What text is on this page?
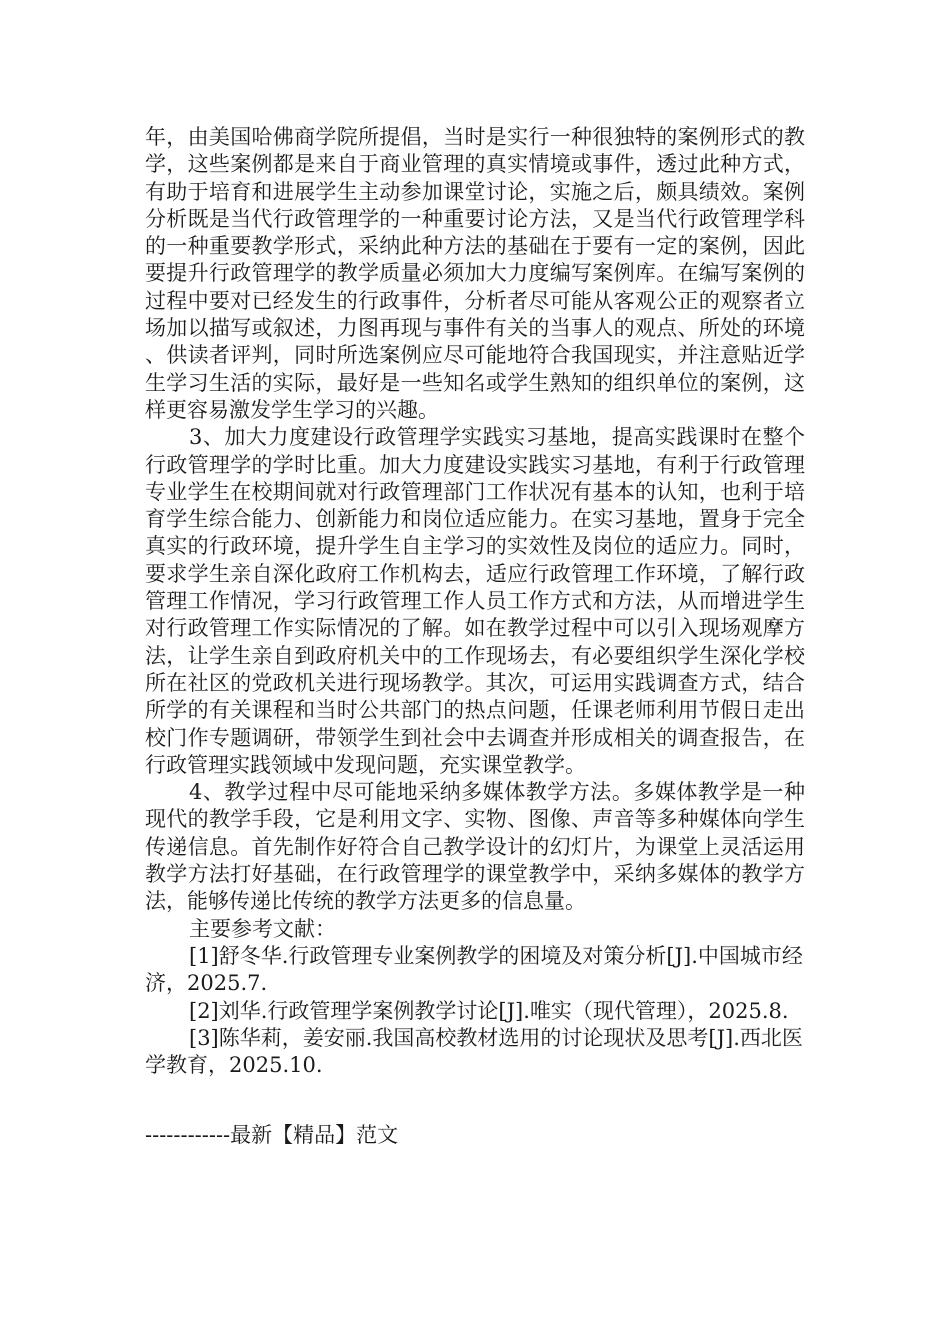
年，由美国哈佛商学院所提倡，当时是实行一种很独特的案例形式的教学，这些案例都是来自于商业管理的真实情境或事件，透过此种方式，有助于培育和进展学生主动参加课堂讨论，实施之后，颇具绩效。案例分析既是当代行政管理学的一种重要讨论方法，又是当代行政管理学科的一种重要教学形式，采纳此种方法的基础在于要有一定的案例，因此要提升行政管理学的教学质量必须加大力度编写案例库。在编写案例的过程中要对已经发生的行政事件，分析者尽可能从客观公正的观察者立场加以描写或叙述，力图再现与事件有关的当事人的观点、所处的环境、供读者评判，同时所选案例应尽可能地符合我国现实，并注意贴近学生学习生活的实际，最好是一些知名或学生熟知的组织单位的案例，这样更容易激发学生学习的兴趣。

3、加大力度建设行政管理学实践实习基地，提高实践课时在整个行政管理学的学时比重。加大力度建设实践实习基地，有利于行政管理专业学生在校期间就对行政管理部门工作状况有基本的认知，也利于培育学生综合能力、创新能力和岗位适应能力。在实习基地，置身于完全真实的行政环境，提升学生自主学习的实效性及岗位的适应力。同时，要求学生亲自深化政府工作机构去，适应行政管理工作环境，了解行政管理工作情况，学习行政管理工作人员工作方式和方法，从而增进学生对行政管理工作实际情况的了解。如在教学过程中可以引入现场观摩方法，让学生亲自到政府机关中的工作现场去，有必要组织学生深化学校所在社区的党政机关进行现场教学。其次，可运用实践调查方式，结合所学的有关课程和当时公共部门的热点问题，任课老师利用节假日走出校门作专题调研，带领学生到社会中去调查并形成相关的调查报告，在行政管理实践领域中发现问题，充实课堂教学。

4、教学过程中尽可能地采纳多媒体教学方法。多媒体教学是一种现代的教学手段，它是利用文字、实物、图像、声音等多种媒体向学生传递信息。首先制作好符合自己教学设计的幻灯片，为课堂上灵活运用教学方法打好基础，在行政管理学的课堂教学中，采纳多媒体的教学方法，能够传递比传统的教学方法更多的信息量。

主要参考文献：

[1]舒冬华.行政管理专业案例教学的困境及对策分析[J].中国城市经济，2025.7.

[2]刘华.行政管理学案例教学讨论[J].唯实（现代管理），2025.8.

[3]陈华莉，姜安丽.我国高校教材选用的讨论现状及思考[J].西北医学教育，2025.10.

------------最新【精品】范文
